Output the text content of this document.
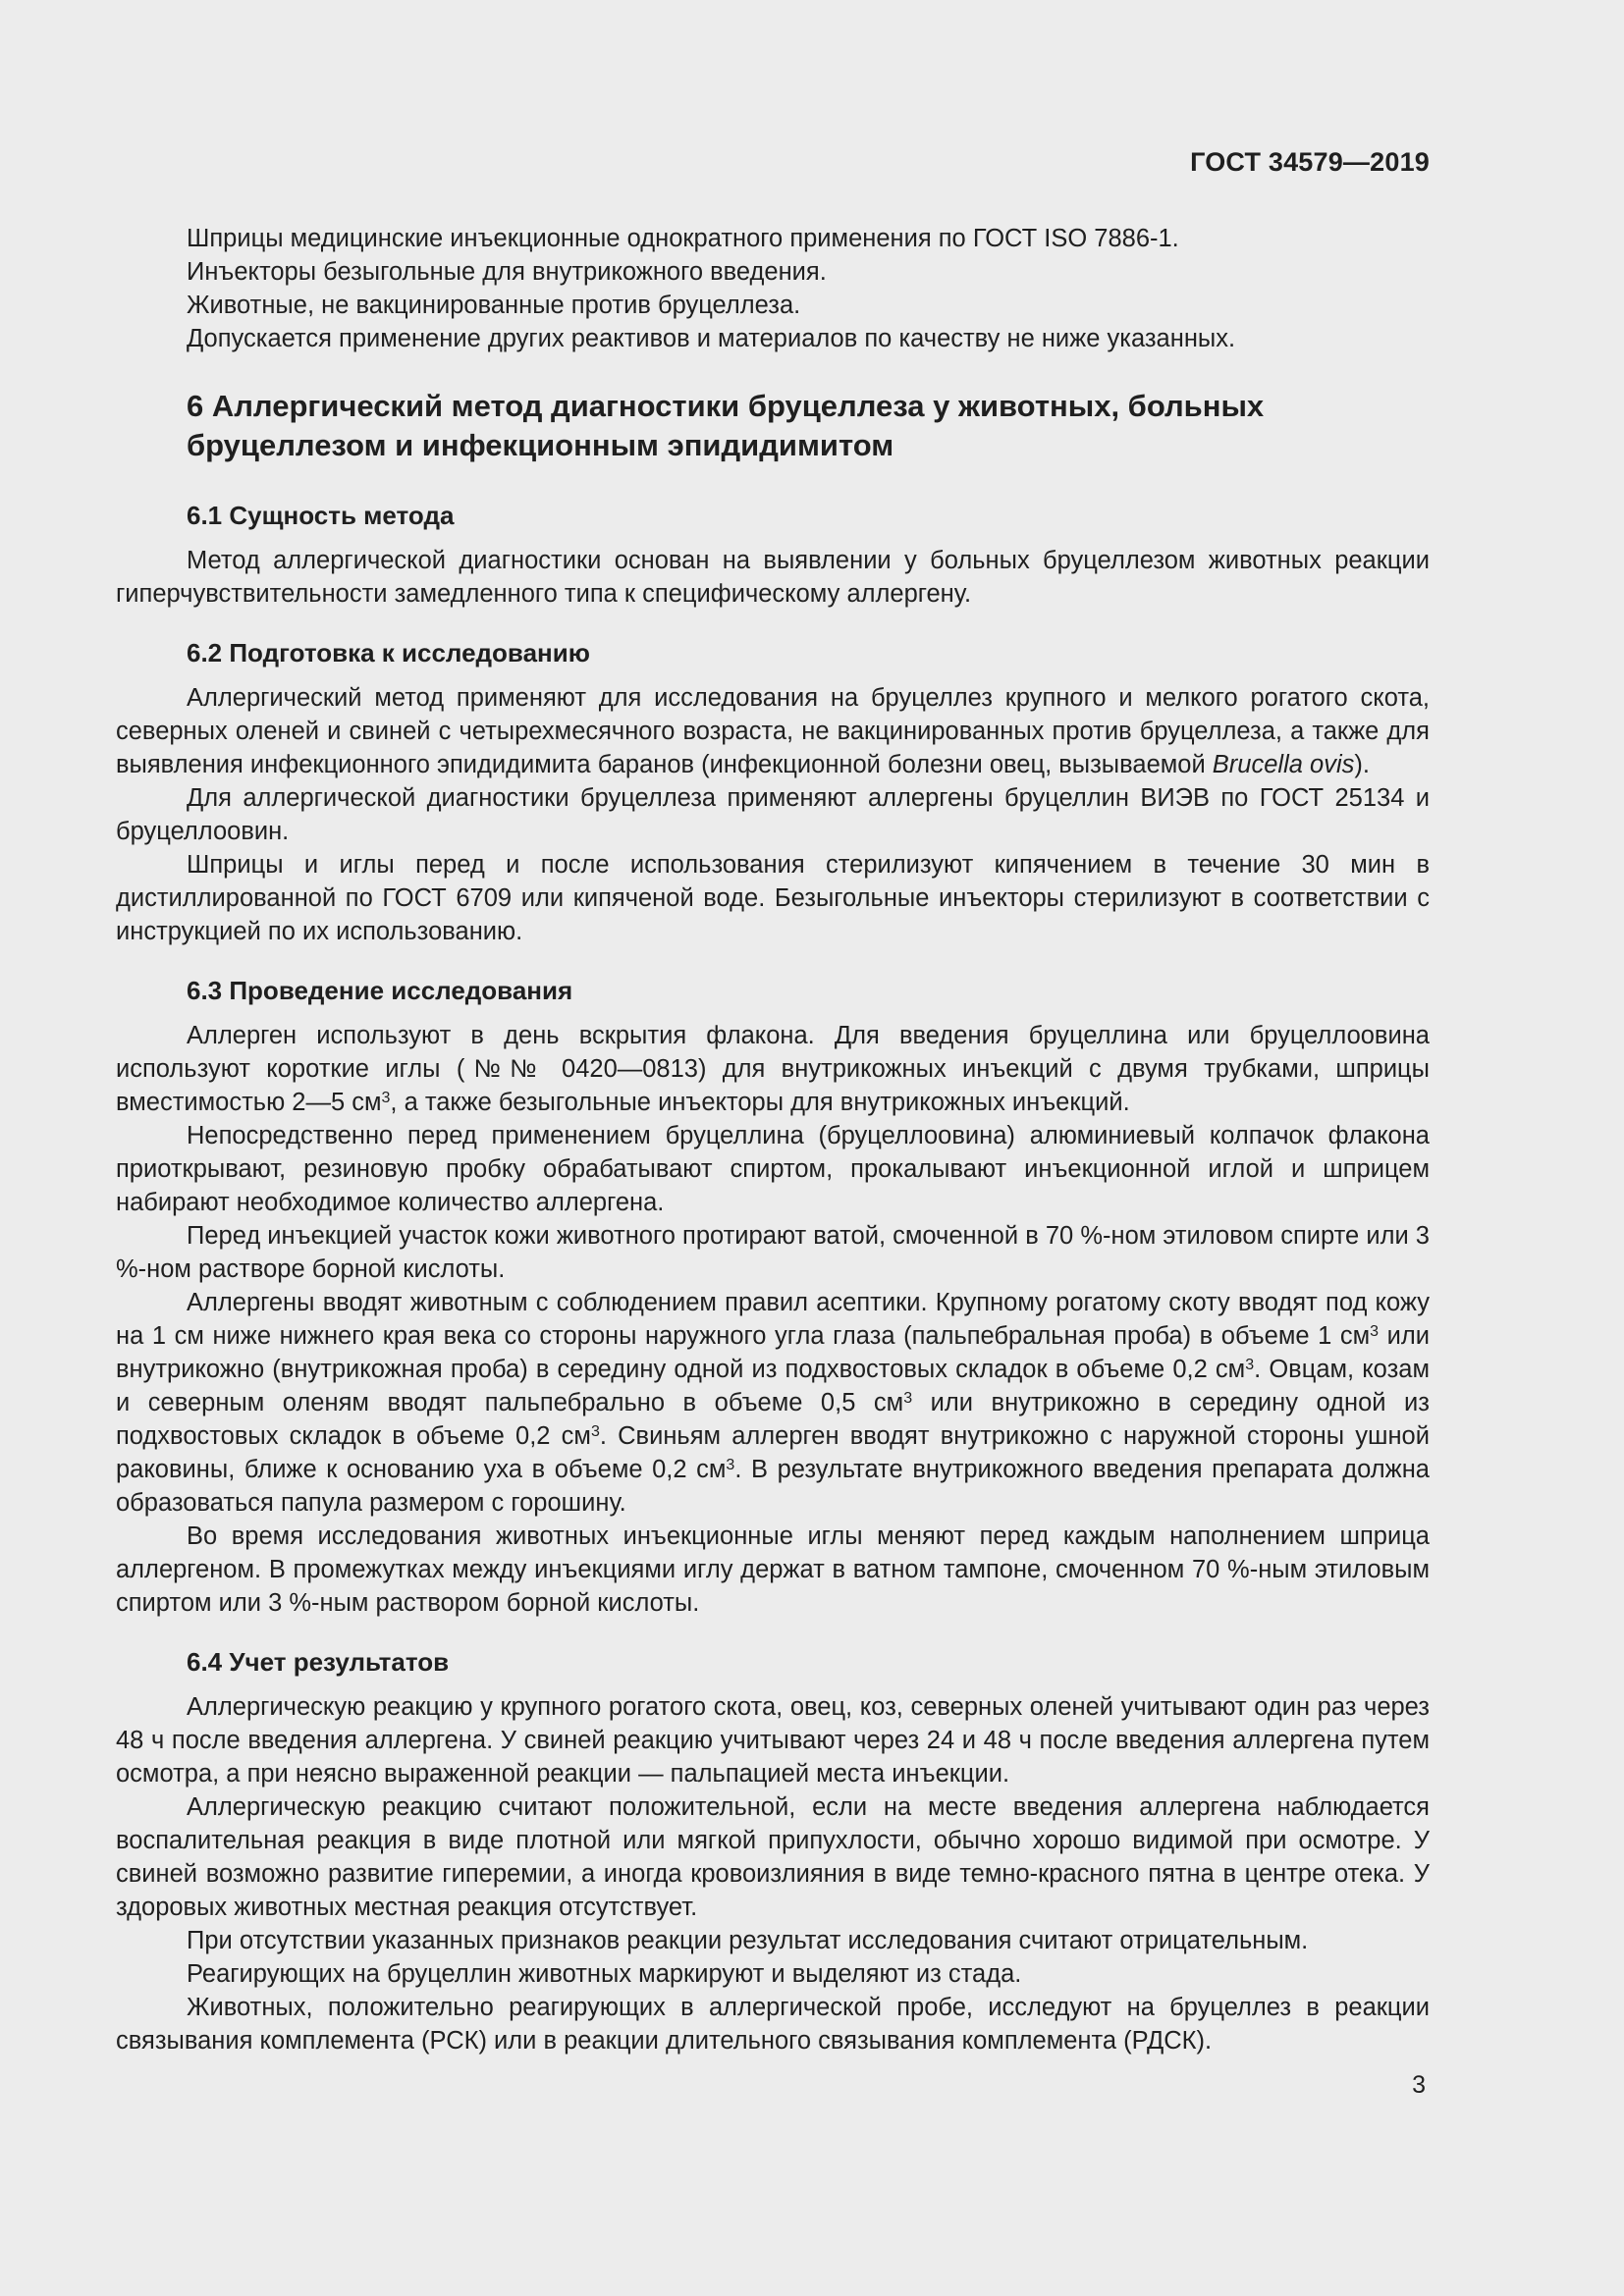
ГОСТ 34579—2019
Шприцы медицинские инъекционные однократного применения по ГОСТ ISO 7886-1.
Инъекторы безыгольные для внутрикожного введения.
Животные, не вакцинированные против бруцеллеза.
Допускается применение других реактивов и материалов по качеству не ниже указанных.
6 Аллергический метод диагностики бруцеллеза у животных, больных бруцеллезом и инфекционным эпидидимитом
6.1 Сущность метода

Метод аллергической диагностики основан на выявлении у больных бруцеллезом животных реакции гиперчувствительности замедленного типа к специфическому аллергену.

6.2 Подготовка к исследованию

Аллергический метод применяют для исследования на бруцеллез крупного и мелкого рогатого скота, северных оленей и свиней с четырехмесячного возраста, не вакцинированных против бруцеллеза, а также для выявления инфекционного эпидидимита баранов (инфекционной болезни овец, вызываемой Brucella ovis).

Для аллергической диагностики бруцеллеза применяют аллергены бруцеллин ВИЭВ по ГОСТ 25134 и бруцеллоовин.

Шприцы и иглы перед и после использования стерилизуют кипячением в течение 30 мин в дистиллированной по ГОСТ 6709 или кипяченой воде. Безыгольные инъекторы стерилизуют в соответствии с инструкцией по их использованию.

6.3 Проведение исследования

Аллерген используют в день вскрытия флакона. Для введения бруцеллина или бруцеллоовина используют короткие иглы (№№ 0420—0813) для внутрикожных инъекций с двумя трубками, шприцы вместимостью 2—5 $см^3$, а также безыгольные инъекторы для внутрикожных инъекций.

Непосредственно перед применением бруцеллина (бруцеллоовина) алюминиевый колпачок флакона приоткрывают, резиновую пробку обрабатывают спиртом, прокалывают инъекционной иглой и шприцем набирают необходимое количество аллергена.

Перед инъекцией участок кожи животного протирают ватой, смоченной в 70 %-ном этиловом спирте или 3 %-ном растворе борной кислоты.

Аллергены вводят животным с соблюдением правил асептики. Крупному рогатому скоту вводят под кожу на 1 см ниже нижнего края века со стороны наружного угла глаза (пальпебральная проба) в объеме 1 $см^3$ или внутрикожно (внутрикожная проба) в середину одной из подхвостовых складок в объеме 0,2 $см^3$. Овцам, козам и северным оленям вводят пальпебрально в объеме 0,5 $см^3$ или внутрикожно в середину одной из подхвостовых складок в объеме 0,2 $см^3$. Свиньям аллерген вводят внутрикожно с наружной стороны ушной раковины, ближе к основанию уха в объеме 0,2 $см^3$. В результате внутрикожного введения препарата должна образоваться папула размером с горошину.

Во время исследования животных инъекционные иглы меняют перед каждым наполнением шприца аллергеном. В промежутках между инъекциями иглу держат в ватном тампоне, смоченном 70 %-ным этиловым спиртом или 3 %-ным раствором борной кислоты.

6.4 Учет результатов

Аллергическую реакцию у крупного рогатого скота, овец, коз, северных оленей учитывают один раз через 48 ч после введения аллергена. У свиней реакцию учитывают через 24 и 48 ч после введения аллергена путем осмотра, а при неясно выраженной реакции — пальпацией места инъекции.

Аллергическую реакцию считают положительной, если на месте введения аллергена наблюдается воспалительная реакция в виде плотной или мягкой припухлости, обычно хорошо видимой при осмотре. У свиней возможно развитие гиперемии, а иногда кровоизлияния в виде темно-красного пятна в центре отека. У здоровых животных местная реакция отсутствует.

При отсутствии указанных признаков реакции результат исследования считают отрицательным.

Реагирующих на бруцеллин животных маркируют и выделяют из стада.

Животных, положительно реагирующих в аллергической пробе, исследуют на бруцеллез в реакции связывания комплемента (РСК) или в реакции длительного связывания комплемента (РДСК).

3
